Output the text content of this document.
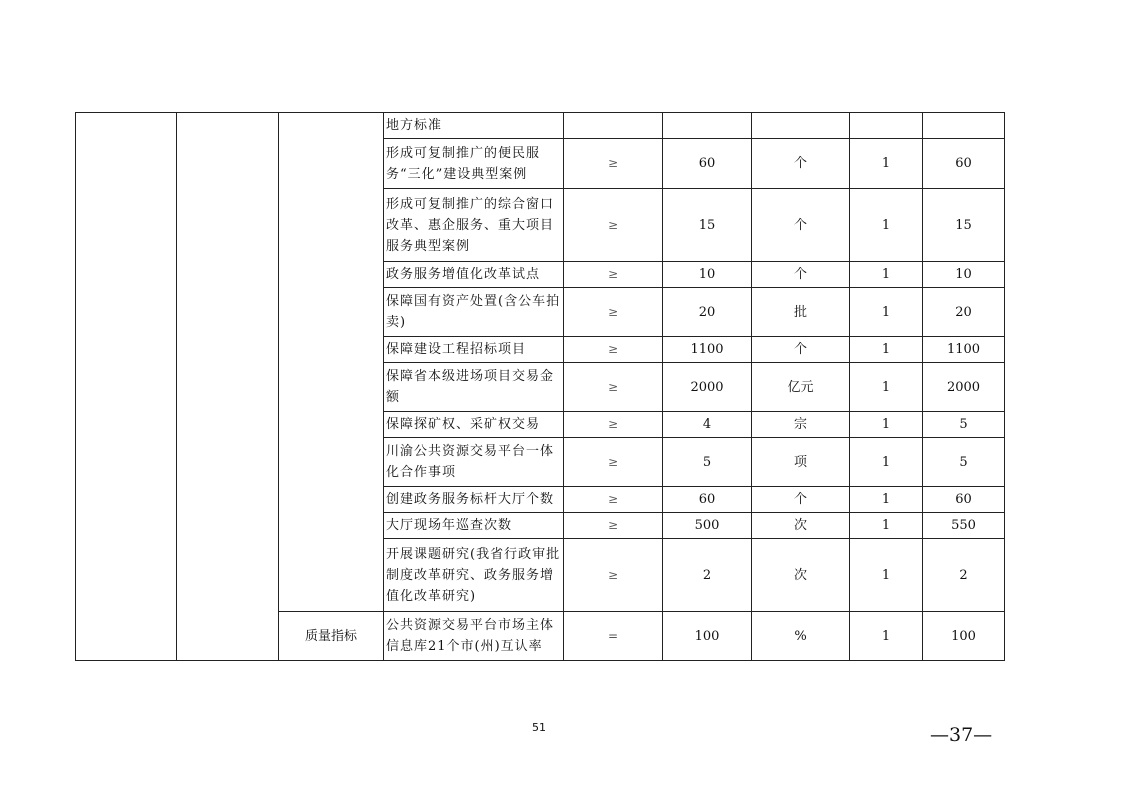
			地方标准					
			形成可复制推广的便民服务“三化”建设典型案例	≥	60	个	1	60
			形成可复制推广的综合窗口改革、惠企服务、重大项目服务典型案例	≥	15	个	1	15
			政务服务增值化改革试点	≥	10	个	1	10
			保障国有资产处置(含公车拍 卖)	≥	20	批	1	20
			保障建设工程招标项目	≥	1100	个	1	1100
			保障省本级进场项目交易金额	≥	2000	亿元	1	2000
			保障探矿权、采矿权交易	≥	4	宗	1	5
			川渝公共资源交易平台一体化合作事项	≥	5	项	1	5
			创建政务服务标杆大厅个数	≥	60	个	1	60
			大厅现场年巡查次数	≥	500	次	1	550
			开展课题研究(我省行政审批制度改革研究、政务服务增值化改革研究)	≥	2	次	1	2
		质量指标	公共资源交易平台市场主体信息库21个市(州)互认率	=	100	%	1	100
51	—37—
